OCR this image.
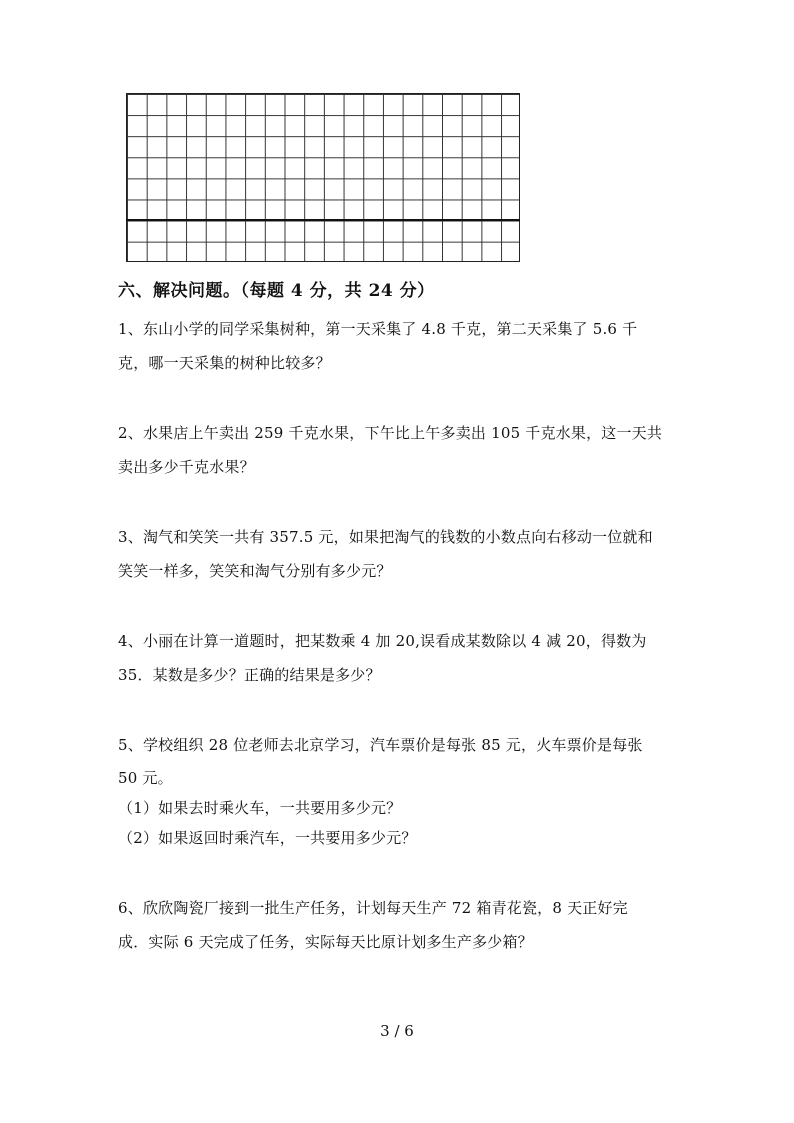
六、解决问题。（每题 4 分，共 24 分）
1、东山小学的同学采集树种，第一天采集了 4.8 千克，第二天采集了 5.6 千
克，哪一天采集的树种比较多？
2、水果店上午卖出 259 千克水果，下午比上午多卖出 105 千克水果，这一天共
卖出多少千克水果？
3、淘气和笑笑一共有 357.5 元，如果把淘气的钱数的小数点向右移动一位就和
笑笑一样多，笑笑和淘气分别有多少元？
4、小丽在计算一道题时，把某数乘 4 加 20,误看成某数除以 4 减 20，得数为
35．某数是多少？正确的结果是多少？
5、学校组织 28 位老师去北京学习，汽车票价是每张 85 元，火车票价是每张
50 元。
（1）如果去时乘火车，一共要用多少元？
（2）如果返回时乘汽车，一共要用多少元？
6、欣欣陶瓷厂接到一批生产任务，计划每天生产 72 箱青花瓷，8 天正好完
成．实际 6 天完成了任务，实际每天比原计划多生产多少箱？
3 / 6
